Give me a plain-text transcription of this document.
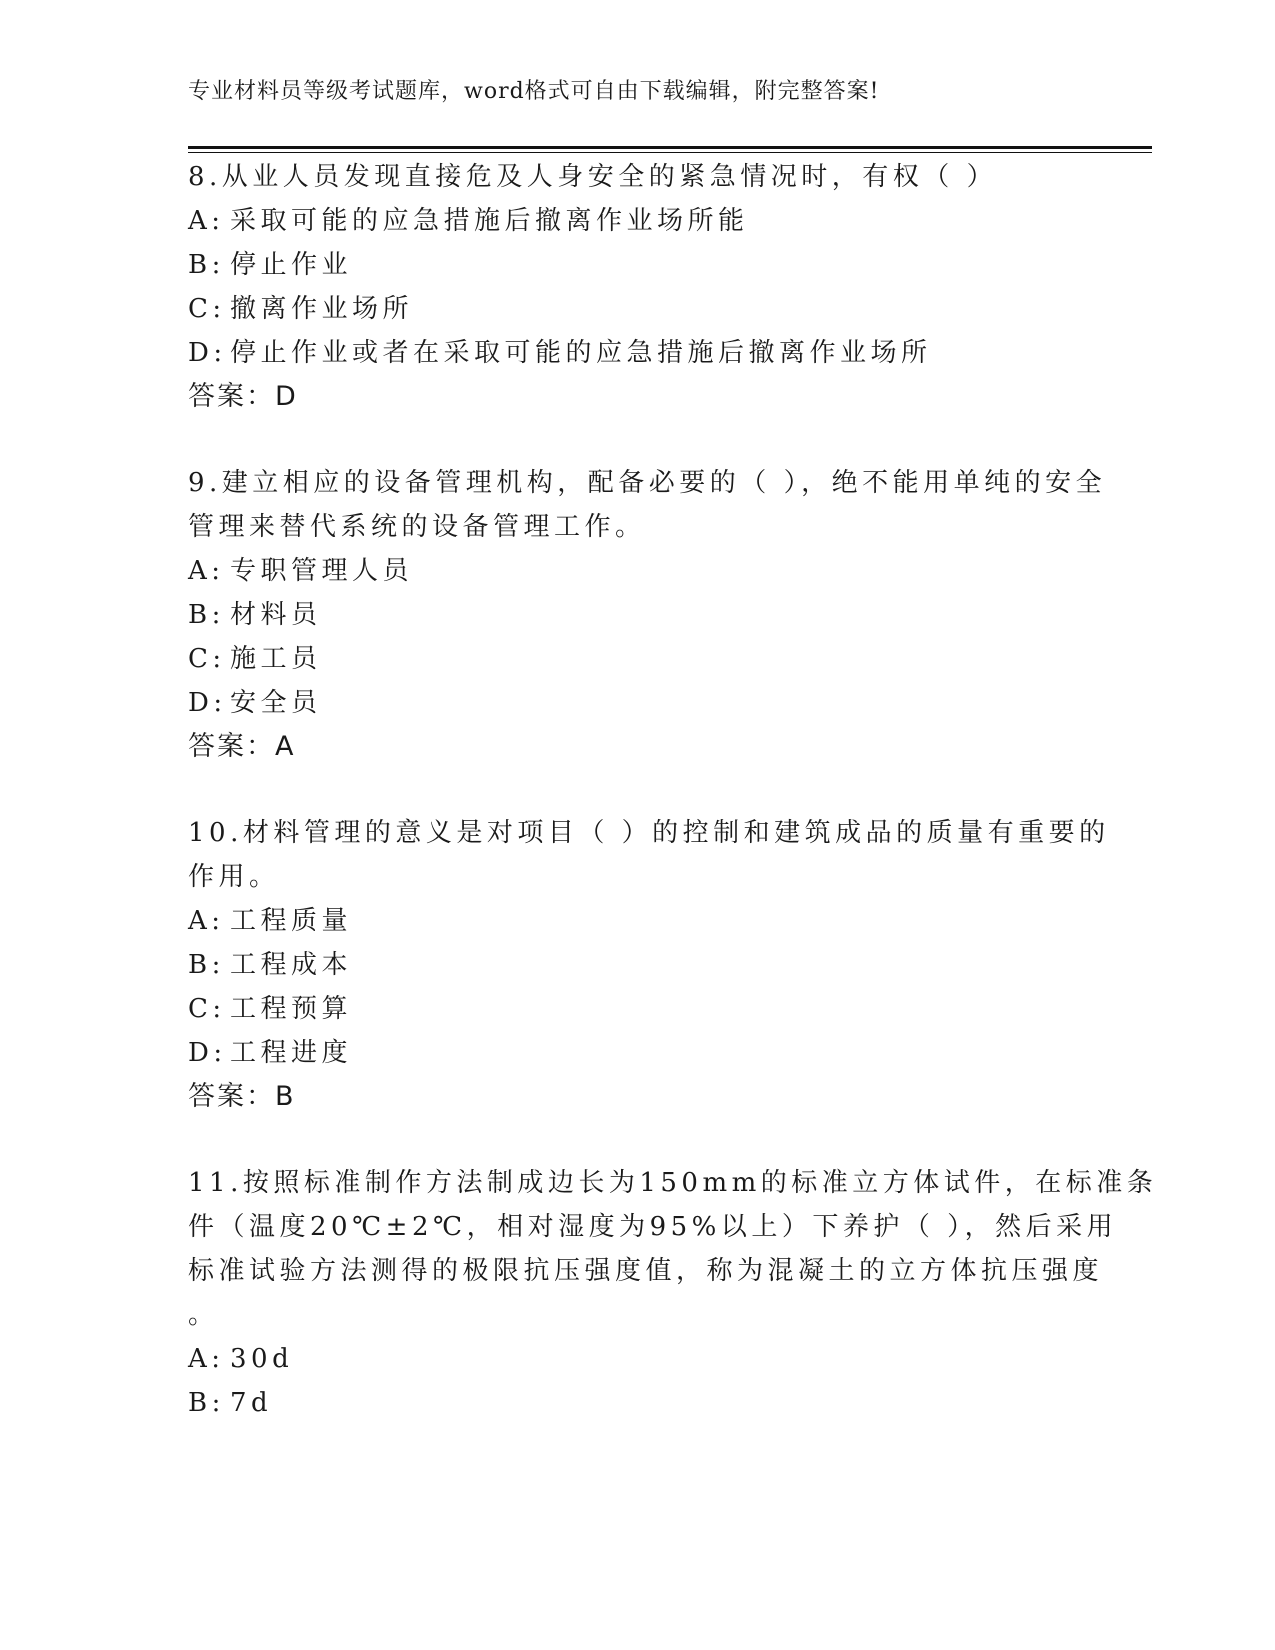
专业材料员等级考试题库，word格式可自由下载编辑，附完整答案!
8.从业人员发现直接危及人身安全的紧急情况时，有权（ ）
A: 采取可能的应急措施后撤离作业场所能
B: 停止作业
C: 撤离作业场所
D: 停止作业或者在采取可能的应急措施后撤离作业场所
答案：D
9.建立相应的设备管理机构，配备必要的（ ），绝不能用单纯的安全
管理来替代系统的设备管理工作。
A: 专职管理人员
B: 材料员
C: 施工员
D: 安全员
答案：A
10.材料管理的意义是对项目（ ）的控制和建筑成品的质量有重要的
作用。
A: 工程质量
B: 工程成本
C: 工程预算
D: 工程进度
答案：B
11.按照标准制作方法制成边长为150mm的标准立方体试件，在标准条
件（温度20℃±2℃，相对湿度为95%以上）下养护（ ），然后采用
标准试验方法测得的极限抗压强度值，称为混凝土的立方体抗压强度
。
A: 30d
B: 7d
